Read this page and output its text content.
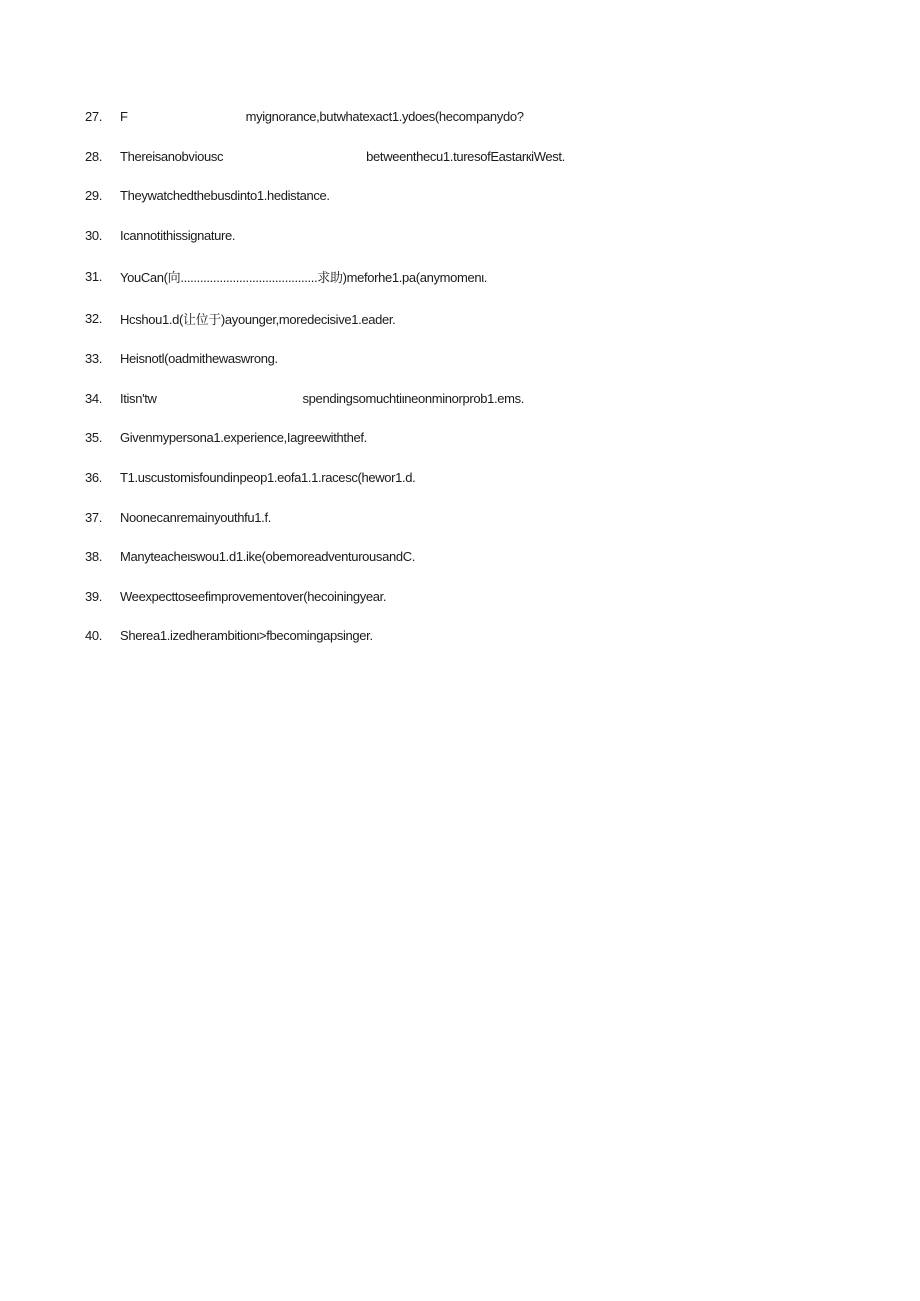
27.	F	myignorance,butwhatexact1.ydoes(hecompanydo?
28.	Thereisanobviousc	betweenthecu1.turesofEastarкiWest.
29.	Theywatchedthebusdinto1.hedistance.
30.	Icannotithissignature.
31.	YouCan(向..........................................求助)meforhe1.pa(anymomenι.
32.	Hcshou1.d(让位于)ayounger,moredecisive1.eader.
33.	Heisnotl(oadmithewaswrong.
34.	Itisn'tw	spendingsomuchtiιneonminorprob1.ems.
35.	Givenmypersona1.experience,Iagreewiththef.
36.	T1.uscustomisfoundinpeop1.eofa1.1.racesc(hewor1.d.
37.	Noonecanremainyouthfu1.f.
38.	Manyteacheιswou1.d1.ike(obemoreadventurousandC.
39.	Weexpecttoseefimprovementover(hecoiningyear.
40.	Sherea1.izedherambitionι>fbecomingapsinger.
